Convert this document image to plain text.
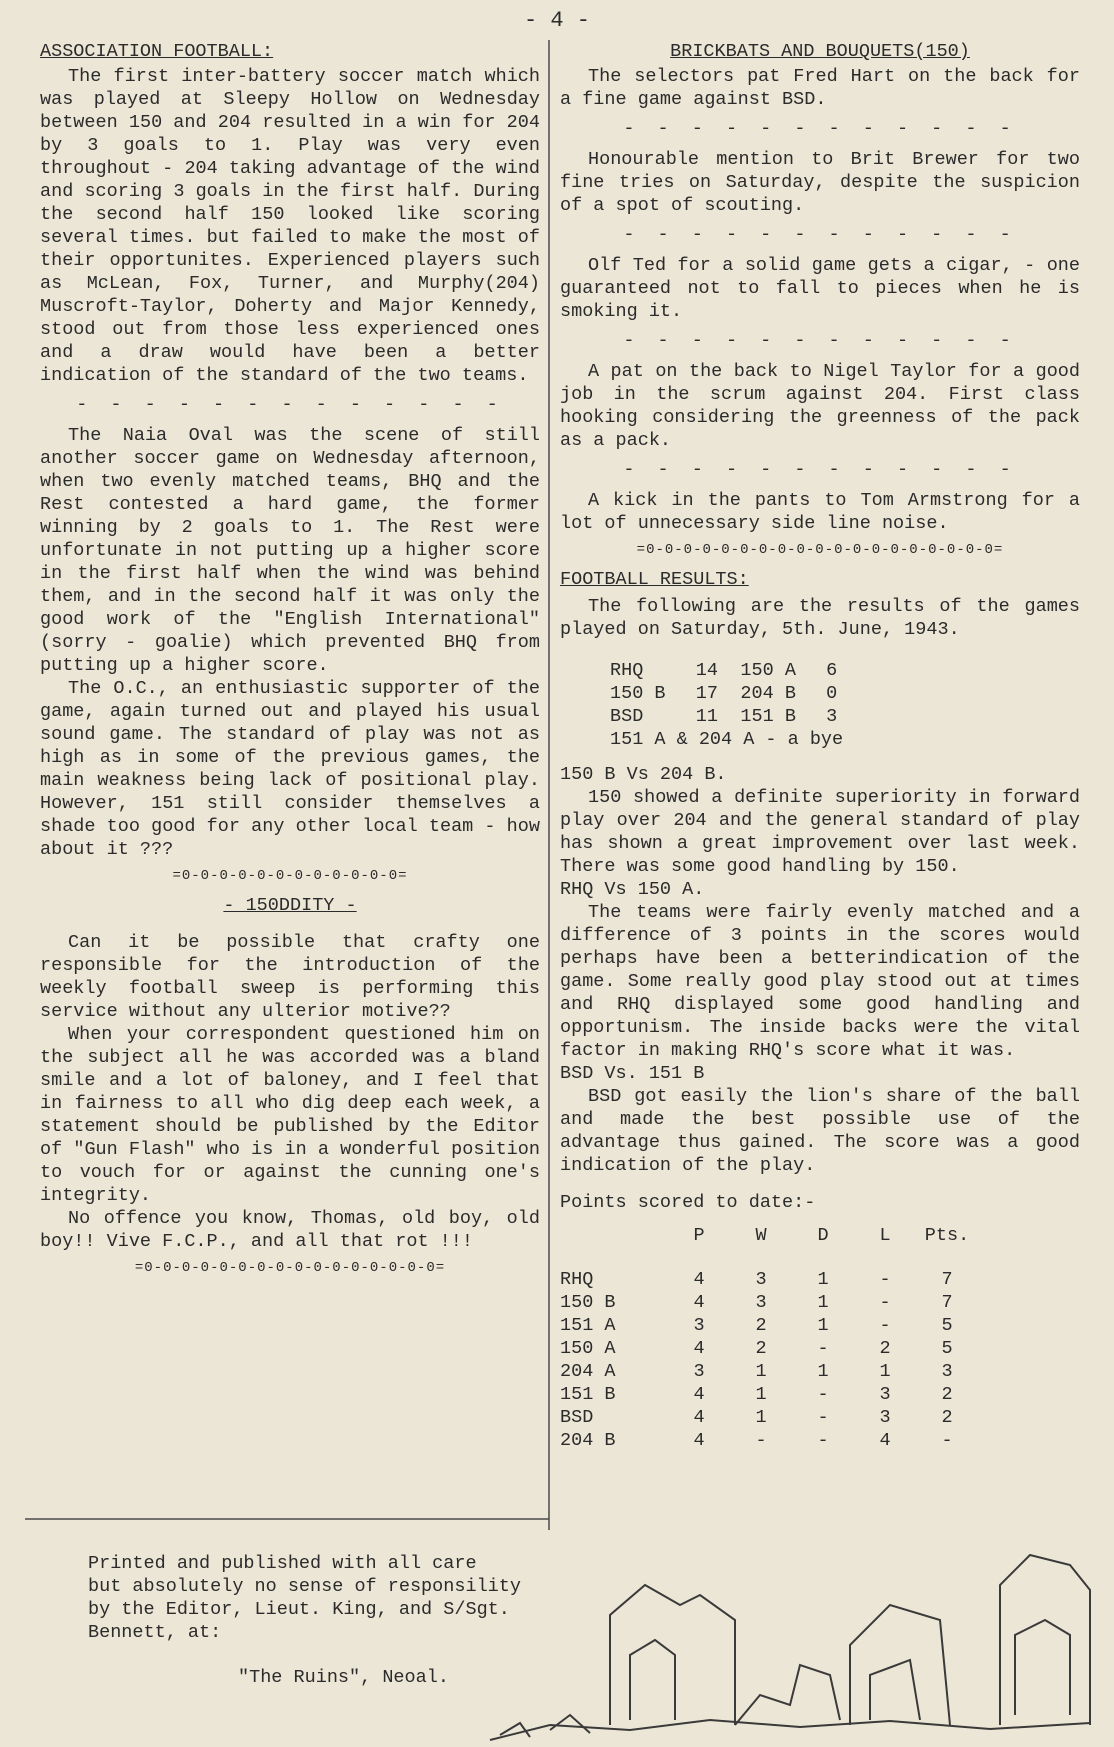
- 4 -
ASSOCIATION FOOTBALL:

The first inter-battery soccer match which was played at Sleepy Hollow on Wednesday between 150 and 204 resulted in a win for 204 by 3 goals to 1. Play was very even throughout - 204 taking advantage of the wind and scoring 3 goals in the first half. During the second half 150 looked like scoring several times. but failed to make the most of their opportunites. Experienced players such as McLean, Fox, Turner, and Murphy(204) Muscroft-Taylor, Doherty and Major Kennedy, stood out from those less experienced ones and a draw would have been a better indication of the standard of the two teams.

- - - - - - - - - - - - -

The Naia Oval was the scene of still another soccer game on Wednesday afternoon, when two evenly matched teams, BHQ and the Rest contested a hard game, the former winning by 2 goals to 1. The Rest were unfortunate in not putting up a higher score in the first half when the wind was behind them, and in the second half it was only the good work of the "English International" (sorry - goalie) which prevented BHQ from putting up a higher score.

The O.C., an enthusiastic supporter of the game, again turned out and played his usual sound game. The standard of play was not as high as in some of the previous games, the main weakness being lack of positional play. However, 151 still consider themselves a shade too good for any other local team - how about it ???

=0-0-0-0-0-0-0-0-0-0-0-0=
- 150DDITY -

Can it be possible that crafty one responsible for the introduction of the weekly football sweep is performing this service without any ulterior motive??

When your correspondent questioned him on the subject all he was accorded was a bland smile and a lot of baloney, and I feel that in fairness to all who dig deep each week, a statement should be published by the Editor of "Gun Flash" who is in a wonderful position to vouch for or against the cunning one's integrity.

No offence you know, Thomas, old boy, old boy!! Vive F.C.P., and all that rot !!!

=0-0-0-0-0-0-0-0-0-0-0-0-0-0-0-0=
BRICKBATS AND BOUQUETS(150)

The selectors pat Fred Hart on the back for a fine game against BSD.

- - - - - - - - - - - -

Honourable mention to Brit Brewer for two fine tries on Saturday, despite the suspicion of a spot of scouting.

- - - - - - - - - - - -

Olf Ted for a solid game gets a cigar, - one guaranteed not to fall to pieces when he is smoking it.

- - - - - - - - - - - -

A pat on the back to Nigel Taylor for a good job in the scrum against 204. First class hooking considering the greenness of the pack as a pack.

- - - - - - - - - - - -

A kick in the pants to Tom Armstrong for a lot of unnecessary side line noise.

=0-0-0-0-0-0-0-0-0-0-0-0-0-0-0-0-0-0-0=
FOOTBALL RESULTS:

The following are the results of the games played on Saturday, 5th. June, 1943.

RHQ	14	150 A	6
150 B	17	204 B	0
BSD	11	151 B	3
151 A & 204 A - a bye			

150 B Vs 204 B.

150 showed a definite superiority in forward play over 204 and the general standard of play has shown a great improvement over last week. There was some good handling by 150.

RHQ Vs 150 A.

The teams were fairly evenly matched and a difference of 3 points in the scores would perhaps have been a betterindication of the game. Some really good play stood out at times and RHQ displayed some good handling and opportunism. The inside backs were the vital factor in making RHQ's score what it was.

BSD Vs. 151 B

BSD got easily the lion's share of the ball and made the best possible use of the advantage thus gained. The score was a good indication of the play.

Points scored to date:-

	P	W	D	L	Pts.

RHQ	4	3	1	-	7
150 B	4	3	1	-	7
151 A	3	2	1	-	5
150 A	4	2	-	2	5
204 A	3	1	1	1	3
151 B	4	1	-	3	2
BSD	4	1	-	3	2
204 B	4	-	-	4	-
Printed and published with all care
but absolutely no sense of responsility
by the Editor, Lieut. King, and S/Sgt.
Bennett, at:
"The Ruins", Neoal.
